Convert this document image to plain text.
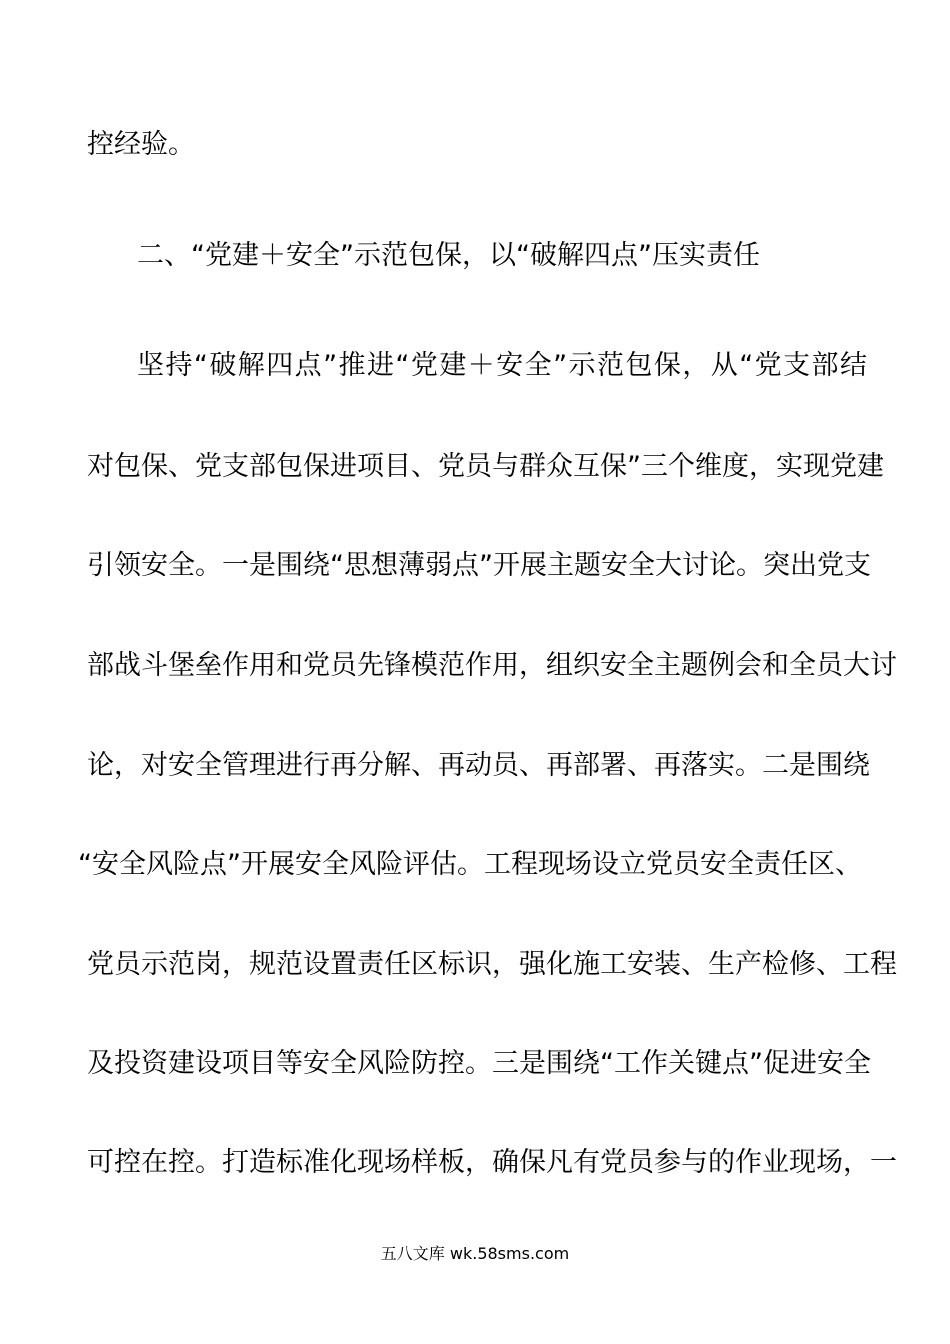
控经验。
二、“党建＋安全”示范包保，以“破解四点”压实责任
坚持“破解四点”推进“党建＋安全”示范包保，从“党支部结
对包保、党支部包保进项目、党员与群众互保”三个维度，实现党建
引领安全。一是围绕“思想薄弱点”开展主题安全大讨论。突出党支
部战斗堡垒作用和党员先锋模范作用，组织安全主题例会和全员大讨
论，对安全管理进行再分解、再动员、再部署、再落实。二是围绕
“安全风险点”开展安全风险评估。工程现场设立党员安全责任区、
党员示范岗，规范设置责任区标识，强化施工安装、生产检修、工程
及投资建设项目等安全风险防控。三是围绕“工作关键点”促进安全
可控在控。打造标准化现场样板，确保凡有党员参与的作业现场，一
五八文库 wk.58sms.com
